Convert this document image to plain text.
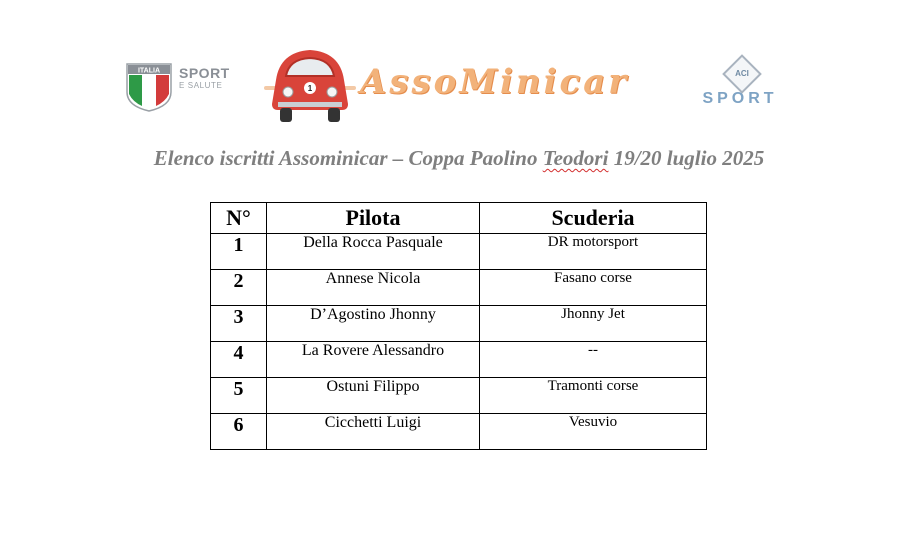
ITALIA SPORT
E SALUTE	1 AssoMinicar	ACI
SPORT
Elenco iscritti Assominicar – Coppa Paolino Teodori 19/20 luglio 2025
N°	Pilota	Scuderia
1	Della Rocca Pasquale	DR motorsport
2	Annese Nicola	Fasano corse
3	D’Agostino Jhonny	Jhonny Jet
4	La Rovere Alessandro	--
5	Ostuni Filippo	Tramonti corse
6	Cicchetti Luigi	Vesuvio
